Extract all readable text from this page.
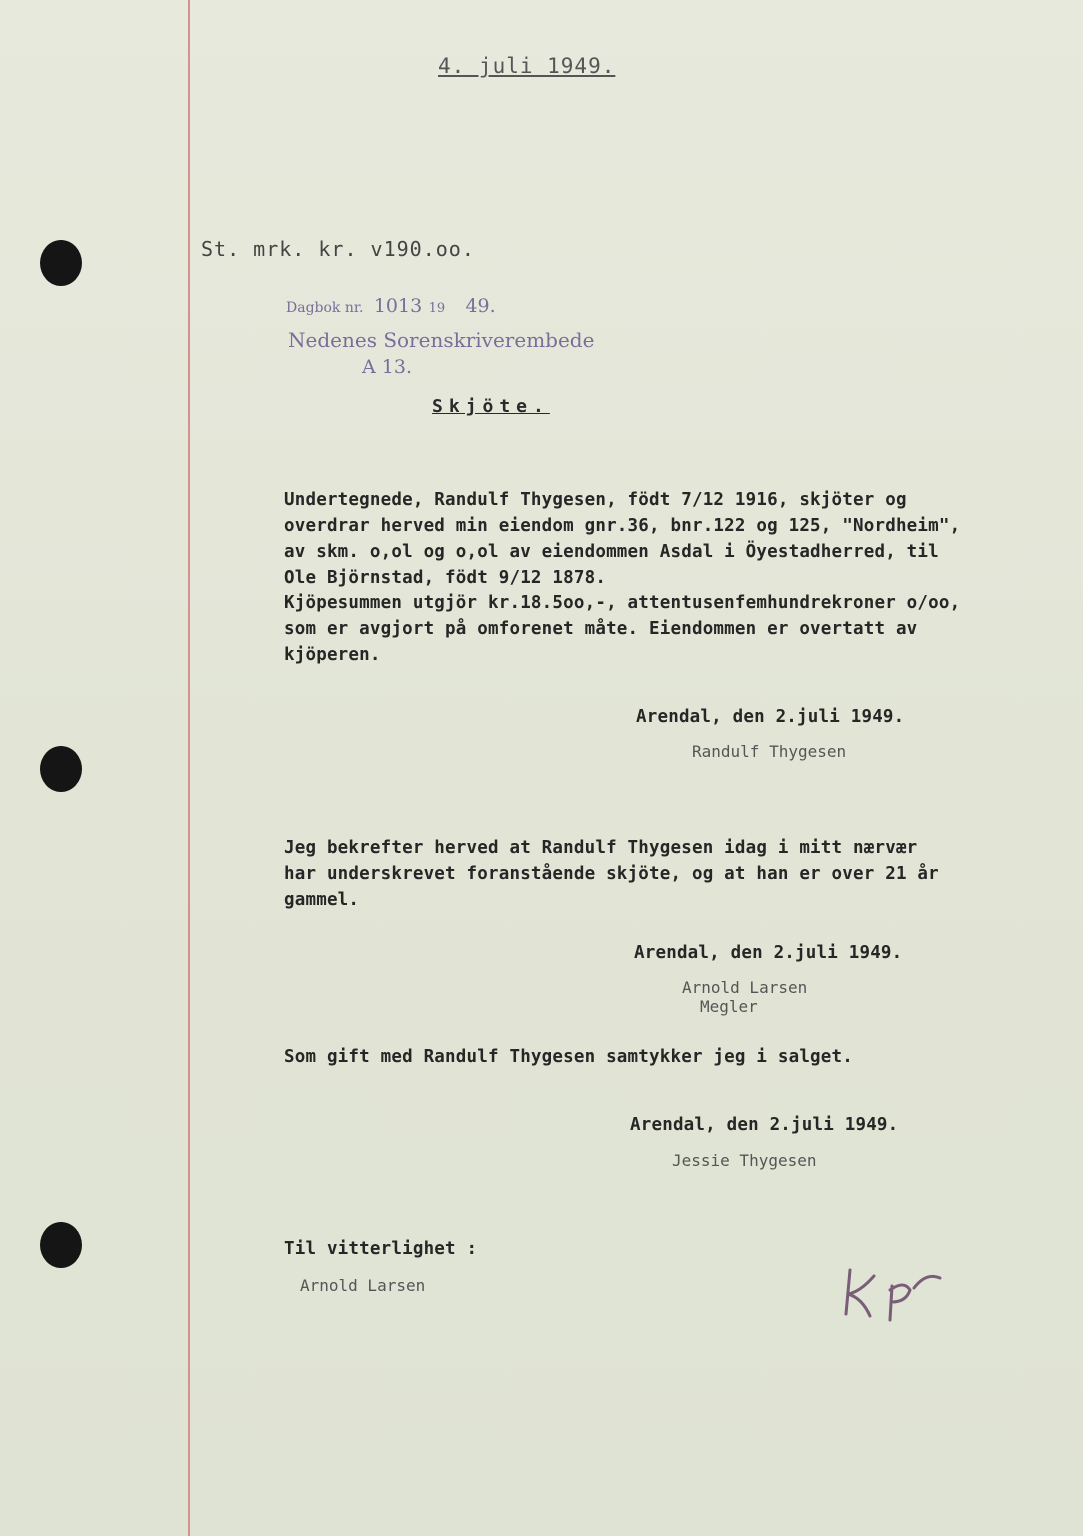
4. juli 1949.
St. mrk. kr. v190.oo.
Dagbok nr. 1013 19 49.
Nedenes Sorenskriverembede
A 13.
Skjöte.
Undertegnede, Randulf Thygesen, födt 7/12 1916, skjöter og
overdrar herved min eiendom gnr.36, bnr.122 og 125, "Nordheim",
av skm. o,ol og o,ol av eiendommen Asdal i Öyestadherred, til
Ole Björnstad, födt 9/12 1878.
Kjöpesummen utgjör kr.18.5oo,-, attentusenfemhundrekroner o/oo,
som er avgjort på omforenet måte. Eiendommen er overtatt av
kjöperen.
Arendal, den 2.juli 1949.
Randulf Thygesen
Jeg bekrefter herved at Randulf Thygesen idag i mitt nærvær
har underskrevet foranstående skjöte, og at han er over 21 år
gammel.
Arendal, den 2.juli 1949.
Arnold Larsen
Megler
Som gift med Randulf Thygesen samtykker jeg i salget.
Arendal, den 2.juli 1949.
Jessie Thygesen
Til vitterlighet :
Arnold Larsen
